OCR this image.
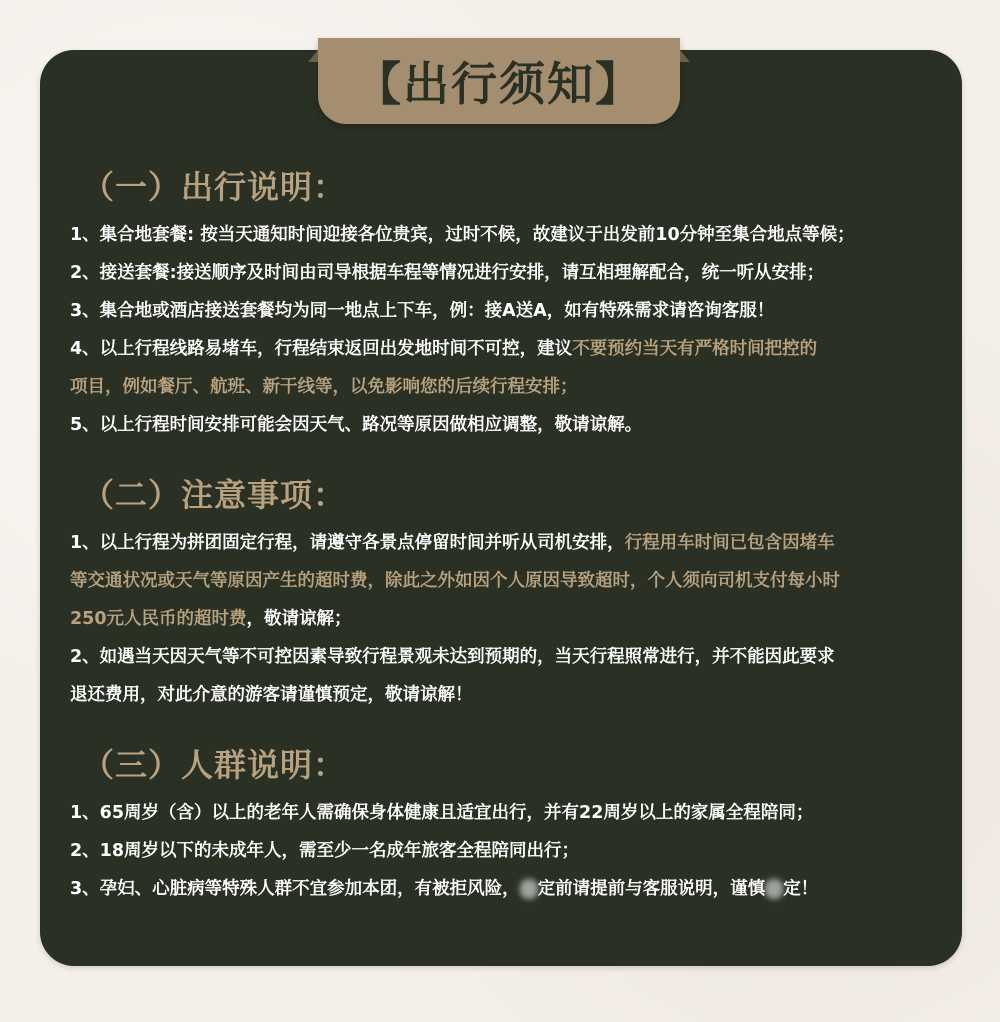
【出行须知】
（一）出行说明：
1、集合地套餐: 按当天通知时间迎接各位贵宾，过时不候，故建议于出发前10分钟至集合地点等候；
2、接送套餐:接送顺序及时间由司导根据车程等情况进行安排，请互相理解配合，统一听从安排；
3、集合地或酒店接送套餐均为同一地点上下车，例：接A送A，如有特殊需求请咨询客服！
4、以上行程线路易堵车，行程结束返回出发地时间不可控，建议不要预约当天有严格时间把控的
项目，例如餐厅、航班、新干线等，以免影响您的后续行程安排；
5、以上行程时间安排可能会因天气、路况等原因做相应调整，敬请谅解。
（二）注意事项：
1、以上行程为拼团固定行程，请遵守各景点停留时间并听从司机安排，行程用车时间已包含因堵车
等交通状况或天气等原因产生的超时费，除此之外如因个人原因导致超时，个人须向司机支付每小时
250元人民币的超时费，敬请谅解；
2、如遇当天因天气等不可控因素导致行程景观未达到预期的，当天行程照常进行，并不能因此要求
退还费用，对此介意的游客请谨慎预定，敬请谅解！
（三）人群说明：
1、65周岁（含）以上的老年人需确保身体健康且适宜出行，并有22周岁以上的家属全程陪同；
2、18周岁以下的未成年人，需至少一名成年旅客全程陪同出行；
3、孕妇、心脏病等特殊人群不宜参加本团，有被拒风险， 定前请提前与客服说明，谨慎 定！
